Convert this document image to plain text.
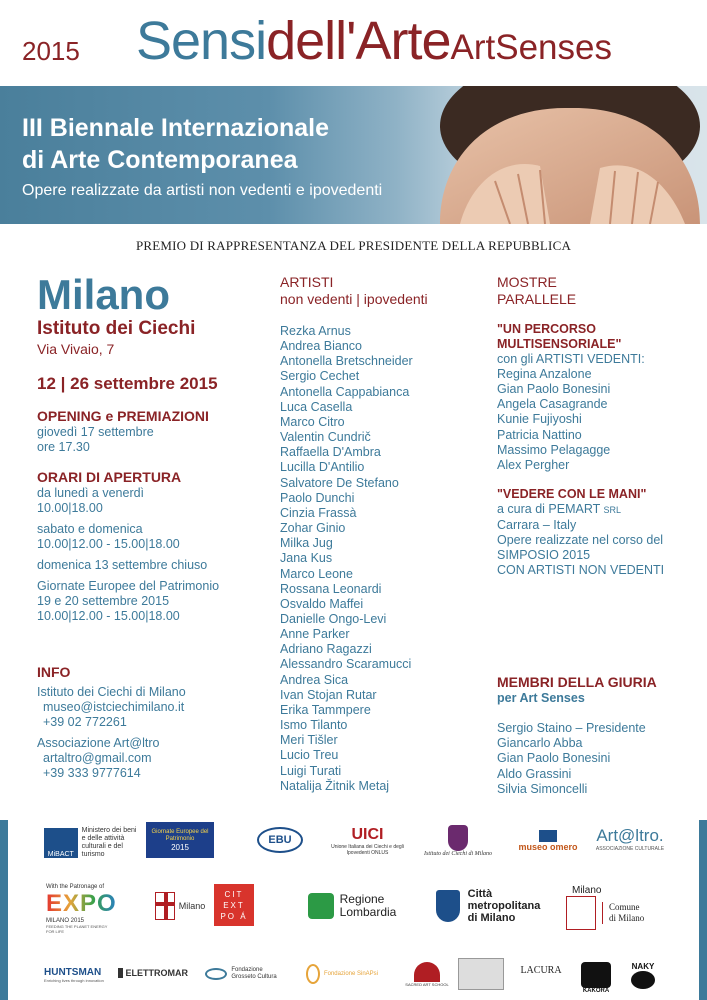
2015 Sensidell'ArteArtSenses
III Biennale Internazionale
di Arte Contemporanea
Opere realizzate da artisti non vedenti e ipovedenti
PREMIO DI RAPPRESENTANZA DEL PRESIDENTE DELLA REPUBBLICA
Milano
Istituto dei Ciechi
Via Vivaio, 7
12 | 26 settembre 2015
OPENING e PREMIAZIONI
giovedì 17 settembre
ore 17.30
ORARI DI APERTURA
da lunedì a venerdì
10.00|18.00
sabato e domenica
10.00|12.00 - 15.00|18.00
domenica 13 settembre chiuso
Giornate Europee del Patrimonio
19 e 20 settembre 2015
10.00|12.00 - 15.00|18.00
INFO
Istituto dei Ciechi di Milano
museo@istciechimilano.it
+39 02 772261
Associazione Art@ltro
artaltro@gmail.com
+39 333 9777614
ARTISTI
non vedenti | ipovedenti
Rezka Arnus
Andrea Bianco
Antonella Bretschneider
Sergio Cechet
Antonella Cappabianca
Luca Casella
Marco Citro
Valentin Cundrič
Raffaella D'Ambra
Lucilla D'Antilio
Salvatore De Stefano
Paolo Dunchi
Cinzia Frassà
Zohar Ginio
Milka Jug
Jana Kus
Marco Leone
Rossana Leonardi
Osvaldo Maffei
Danielle Ongo-Levi
Anne Parker
Adriano Ragazzi
Alessandro Scaramucci
Andrea Sica
Ivan Stojan Rutar
Erika Tammpere
Ismo Tilanto
Meri Tišler
Lucio Treu
Luigi Turati
Natalija Žitnik Metaj
MOSTRE
PARALLELE
"UN PERCORSO
MULTISENSORIALE"
con gli ARTISTI VEDENTI:
Regina Anzalone
Gian Paolo Bonesini
Angela Casagrande
Kunie Fujiyoshi
Patricia Nattino
Massimo Pelagagge
Alex Pergher
"VEDERE CON LE MANI"
a cura di PEMART SRL
Carrara – Italy
Opere realizzate nel corso del
SIMPOSIO 2015
CON ARTISTI NON VEDENTI
MEMBRI DELLA GIURIA
per Art Senses
Sergio Staino – Presidente
Giancarlo Abba
Gian Paolo Bonesini
Aldo Grassini
Silvia Simoncelli
MiBACT
Ministero dei beni e delle attività culturali e del turismo
Giornate Europee del Patrimonio
2015
EBU	UICI
Unione Italiana dei Ciechi e degli Ipovedenti ONLUS	Istituto dei Ciechi di Milano
museo omero
Art@ltro.
ASSOCIAZIONE CULTURALE
With the Patronage of
EXPO
MILANO 2015
FEEDING THE PLANET ENERGY FOR LIFE
Milano
CIT
EXT
PO Á
Regione
Lombardia
Città
metropolitana
di Milano
Milano
Comune
di Milano
HUNTSMAN
Enriching lives through innovation
ELETTROMAR	Fondazione
Grosseto Cultura	Fondazione SinAPsi
SACRED ART SCHOOL
LACURA
KAKORA
NAKY
